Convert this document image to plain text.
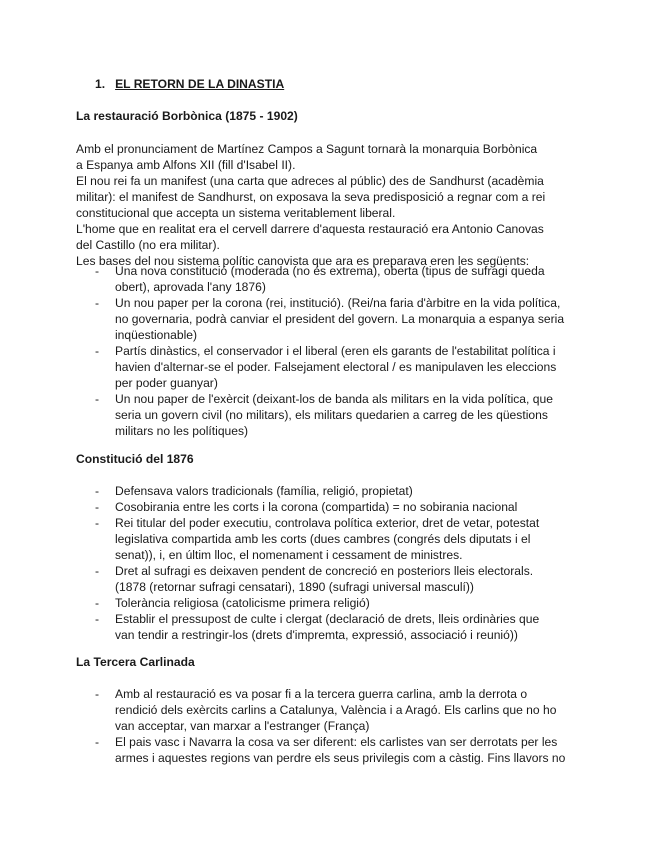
1. EL RETORN DE LA DINASTIA
La restauració Borbònica (1875 - 1902)

Amb el pronunciament de Martínez Campos a Sagunt tornarà la monarquia Borbònica a Espanya amb Alfons XII (fill d'Isabel II).

El nou rei fa un manifest (una carta que adreces al públic) des de Sandhurst (acadèmia militar): el manifest de Sandhurst, on exposava la seva predisposició a regnar com a rei constitucional que accepta un sistema veritablement liberal.

L'home que en realitat era el cervell darrere d'aquesta restauració era Antonio Canovas del Castillo (no era militar).

Les bases del nou sistema polític canovista que ara es preparava eren les següents:

- Una nova constitució (moderada (no és extrema), oberta (tipus de sufragi queda obert), aprovada l'any 1876)
- Un nou paper per la corona (rei, institució). (Rei/na faria d'àrbitre en la vida política, no governaria, podrà canviar el president del govern. La monarquia a espanya seria inqüestionable)
- Partís dinàstics, el conservador i el liberal (eren els garants de l'estabilitat política i havien d'alternar-se el poder. Falsejament electoral / es manipulaven les eleccions per poder guanyar)
- Un nou paper de l'exèrcit (deixant-los de banda als militars en la vida política, que seria un govern civil (no militars), els militars quedarien a carreg de les qüestions militars no les polítiques)
Constitució del 1876
- Defensava valors tradicionals (família, religió, propietat)
- Cosobirania entre les corts i la corona (compartida) = no sobirania nacional
- Rei titular del poder executiu, controlava política exterior, dret de vetar, potestat legislativa compartida amb les corts (dues cambres (congrés dels diputats i el senat)), i, en últim lloc, el nomenament i cessament de ministres.
- Dret al sufragi es deixaven pendent de concreció en posteriors lleis electorals. (1878 (retornar sufragi censatari), 1890 (sufragi universal masculí))
- Tolerància religiosa (catolicisme primera religió)
- Establir el pressupost de culte i clergat (declaració de drets, lleis ordinàries que van tendir a restringir-los (drets d'impremta, expressió, associació i reunió))
La Tercera Carlinada
- Amb al restauració es va posar fi a la tercera guerra carlina, amb la derrota o rendició dels exèrcits carlins a Catalunya, València i a Aragó. Els carlins que no ho van acceptar, van marxar a l'estranger (França)
- El pais vasc i Navarra la cosa va ser diferent: els carlistes van ser derrotats per les armes i aquestes regions van perdre els seus privilegis com a càstig. Fins llavors no
